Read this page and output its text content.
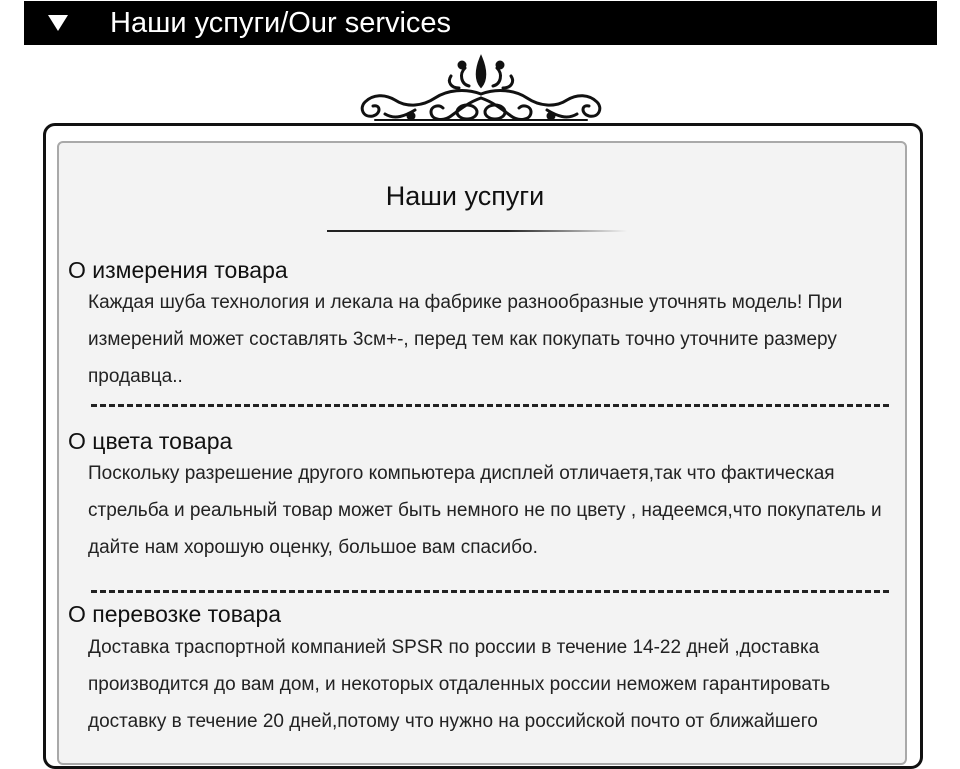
Наши успуги/Our services
Наши успуги
О измерения товара

Каждая шуба технология и лекала на фабрике разнообразные уточнять модель! При измерений может составлять 3cм+-, перед тем как покупать точно уточните размеру продавца..

О цвета товара

Поскольку разрешение другого компьютера дисплей отличаетя,так что фактическая стрельба и реальный товар может быть немного не по цвету , надеемся,что покупатель и дайте нам хорошую оценку, большое вам спасибо.

О перевозке товара

Доставка траспортной компанией SPSR по россии в течение 14-22 дней ,доставка производится до вам дом, и некоторых отдаленных россии неможем гарантировать доставку в течение 20 дней,потому что нужно на российской почто от ближайшего
